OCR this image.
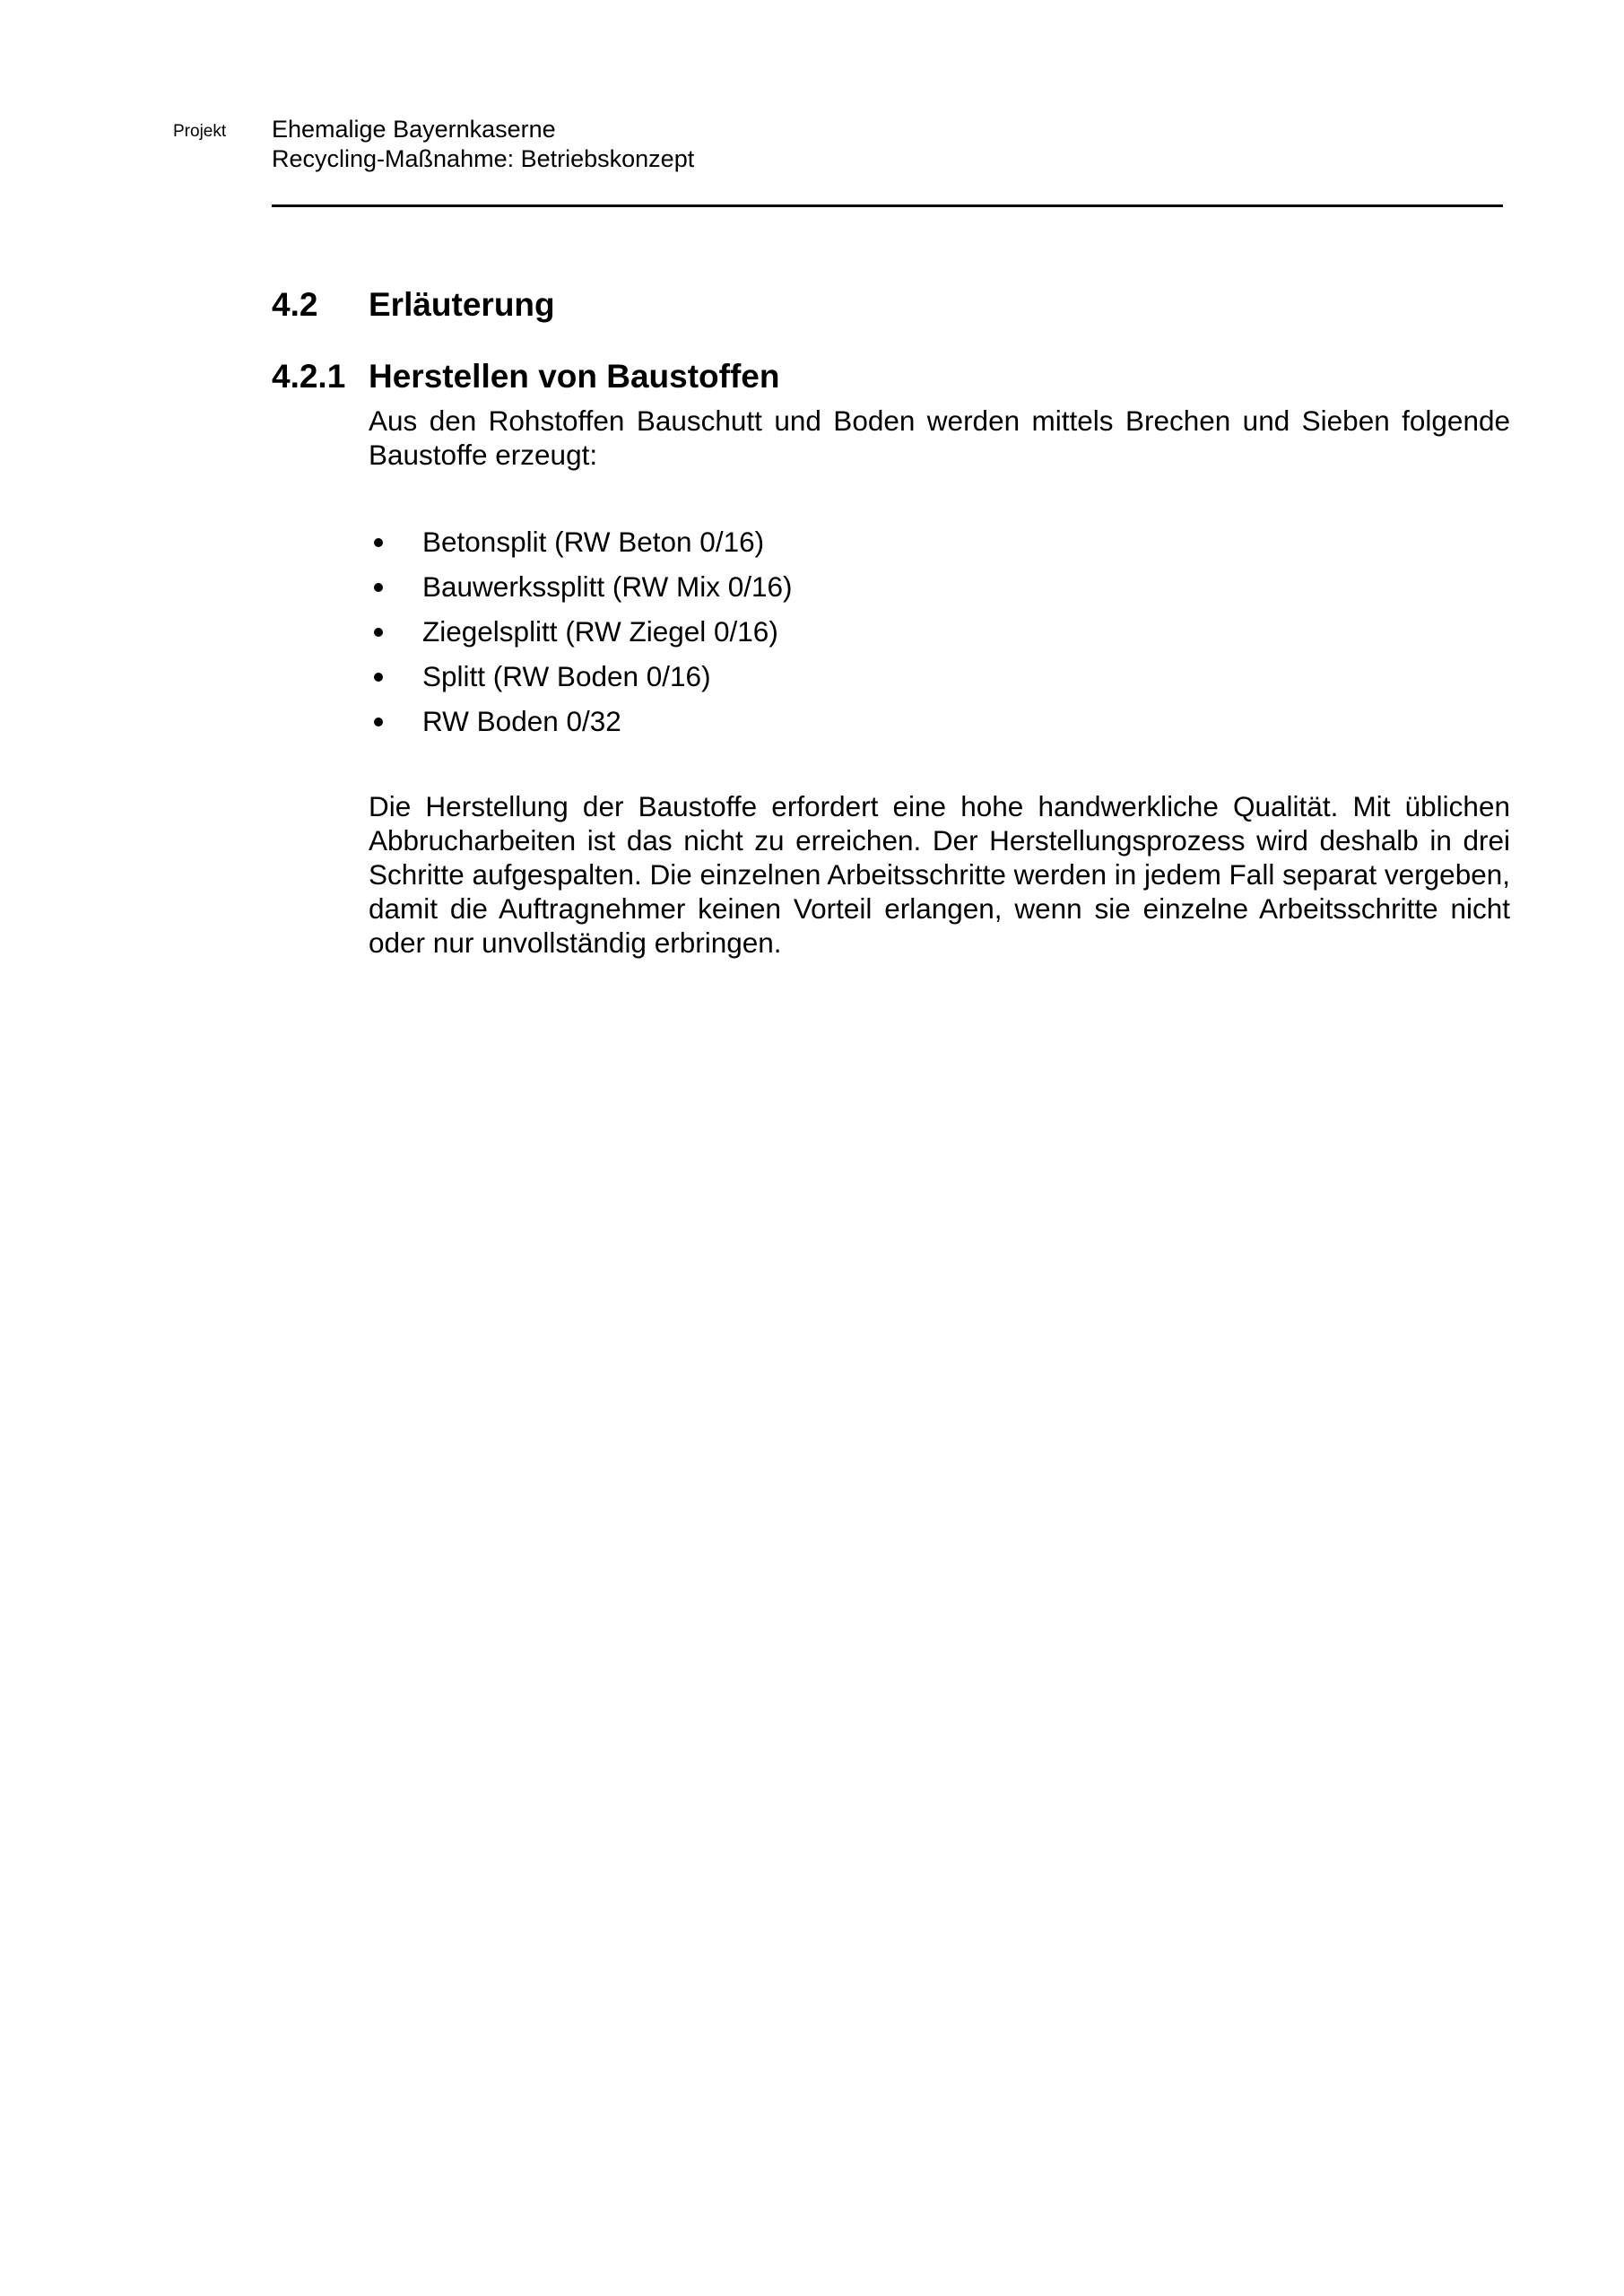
Projekt Ehemalige Bayernkaserne
Recycling-Maßnahme: Betriebskonzept
4.2 Erläuterung
4.2.1 Herstellen von Baustoffen

Aus den Rohstoffen Bauschutt und Boden werden mittels Brechen und Sieben folgende Baustoffe erzeugt:

Betonsplit (RW Beton 0/16)
Bauwerkssplitt (RW Mix 0/16)
Ziegelsplitt (RW Ziegel 0/16)
Splitt (RW Boden 0/16)
RW Boden 0/32

Die Herstellung der Baustoffe erfordert eine hohe handwerkliche Qualität. Mit üblichen Abbrucharbeiten ist das nicht zu erreichen. Der Herstellungsprozess wird deshalb in drei Schritte aufgespalten. Die einzelnen Arbeitsschritte werden in jedem Fall separat vergeben, damit die Auftragnehmer keinen Vorteil erlangen, wenn sie einzelne Arbeitsschritte nicht oder nur unvollständig erbringen.
